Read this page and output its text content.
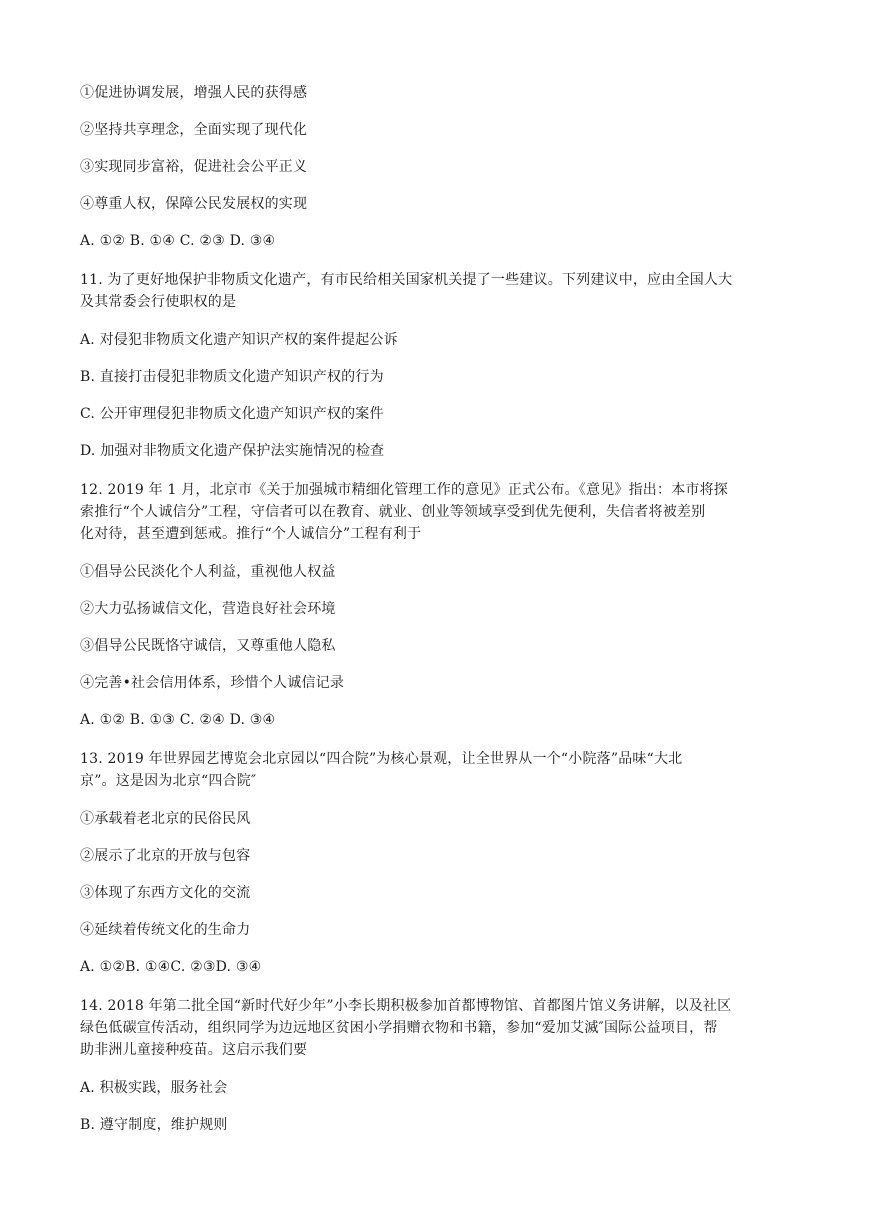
①促进协调发展，增强人民的获得感
②坚持共享理念，全面实现了现代化
③实现同步富裕，促进社会公平正义
④尊重人权，保障公民发展权的实现
A. ①② B. ①④ C. ②③ D. ③④
11. 为了更好地保护非物质文化遗产，有市民给相关国家机关提了一些建议。下列建议中，应由全国人大
及其常委会行使职权的是
A. 对侵犯非物质文化遗产知识产权的案件提起公诉
B. 直接打击侵犯非物质文化遗产知识产权的行为
C. 公开审理侵犯非物质文化遗产知识产权的案件
D. 加强对非物质文化遗产保护法实施情况的检查
12. 2019 年 1 月，北京市《关于加强城市精细化管理工作的意见》正式公布。《意见》指出：本市将探
索推行“个人诚信分”工程，守信者可以在教育、就业、创业等领域享受到优先便利，失信者将被差别
化对待，甚至遭到惩戒。推行“个人诚信分”工程有利于
①倡导公民淡化个人利益，重视他人权益
②大力弘扬诚信文化，营造良好社会环境
③倡导公民既恪守诚信，又尊重他人隐私
④完善•社会信用体系，珍惜个人诚信记录
A. ①② B. ①③ C. ②④ D. ③④
13. 2019 年世界园艺博览会北京园以“四合院”为核心景观，让全世界从一个“小院落”品味“大北
京”。这是因为北京“四合院″
①承载着老北京的民俗民风
②展示了北京的开放与包容
③体现了东西方文化的交流
④延续着传统文化的生命力
A. ①②B. ①④C. ②③D. ③④
14. 2018 年第二批全国“新时代好少年”小李长期积极参加首都博物馆、首都图片馆义务讲解，以及社区
绿色低碳宣传活动，组织同学为边远地区贫困小学捐赠衣物和书籍，参加“爱加艾滅″国际公益项目，帮
助非洲儿童接种疫苗。这启示我们要
A. 积极实践，服务社会
B. 遵守制度，维护规则
